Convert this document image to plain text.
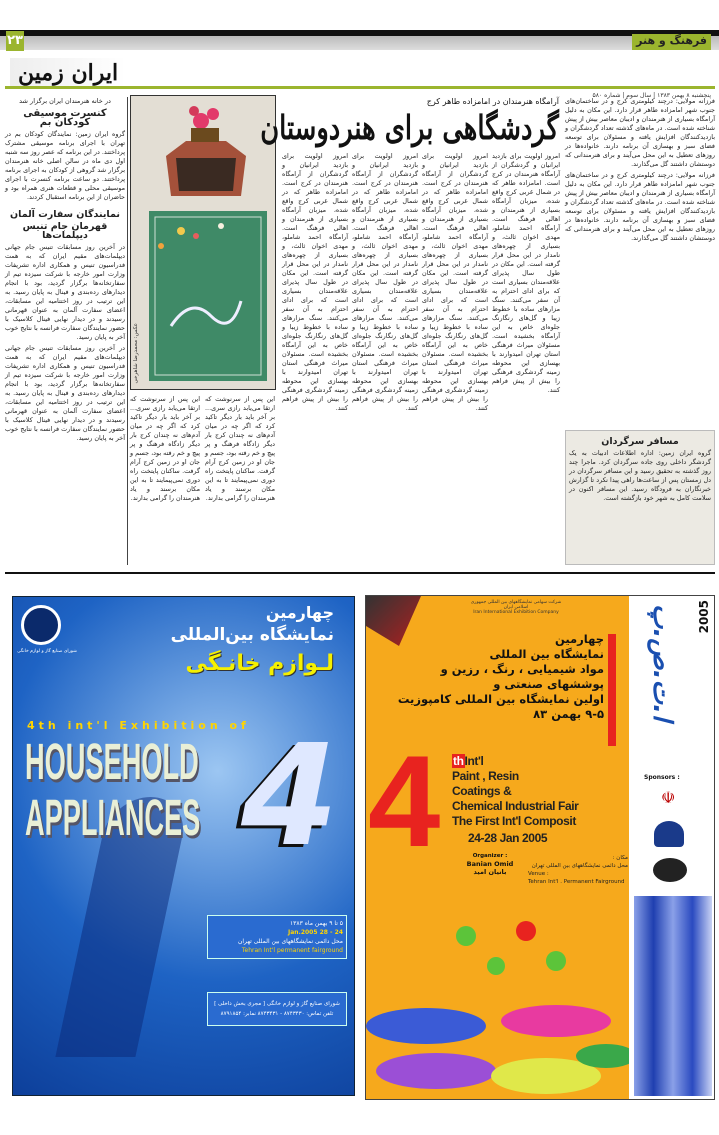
۲۳	فرهنگ و هنر
ایران زمین
پنجشنبه ۸ بهمن ۱۳۸۳ | سال سوم | شماره ۵۸۰
در خانه هنرمندان ایران برگزار شد
کنسرت موسیقی کودکان بم

گروه ایران زمین: نمایندگان کودکان بم در تهران با اجرای برنامه موسیقی مشترک پرداختند. در این برنامه که عصر روز سه شنبه اول دی ماه در سالن اصلی خانه هنرمندان برگزار شد گروهی از کودکان به اجرای برنامه پرداختند. دو ساعت برنامه کنسرت با اجرای موسیقی محلی و قطعات هنری همراه بود و حاضران از این برنامه استقبال کردند.

نمایندگان سفارت آلمان
قهرمان جام تنیس دیپلمات‌ها

در آخرین روز مسابقات تنیس جام جهانی دیپلمات‌های مقیم ایران که به همت فدراسیون تنیس و همکاری اداره تشریفات وزارت امور خارجه با شرکت سیزده تیم از سفارتخانه‌ها برگزار گردید، بود با انجام دیدارهای رده‌بندی و فینال به پایان رسید. به این ترتیب در روز اختتامیه این مسابقات، اعضای سفارت آلمان به عنوان قهرمانی رسیدند و در دیدار نهایی فینال کلاسیک با حضور نمایندگان سفارت فرانسه با نتایج خوب آخر به پایان رسید.

در آخرین روز مسابقات تنیس جام جهانی دیپلمات‌های مقیم ایران که به همت فدراسیون تنیس و همکاری اداره تشریفات وزارت امور خارجه با شرکت سیزده تیم از سفارتخانه‌ها برگزار گردید، بود با انجام دیدارهای رده‌بندی و فینال به پایان رسید. به این ترتیب در روز اختتامیه این مسابقات، اعضای سفارت آلمان به عنوان قهرمانی رسیدند و در دیدار نهایی فینال کلاسیک با حضور نمایندگان سفارت فرانسه با نتایج خوب آخر به پایان رسید.

عکس: محمدرضا شاهرخی

این پس از سرنوشت که ارتقا می‌یابد رازی سری... بر آخر باید بار دیگر تاکید کرد که اگر چه در میان آدم‌های نه چندان کرج بار دیگر زادگاه فرهنگ و پر پیچ و خم رفته بود، جسم و جان او در زمین کرج آرام گرفت. ساکنان پایتخت راه دوری نمی‌پیمایند تا به این مکان برسند و یاد هنرمندان را گرامی بدارند.

این پس از سرنوشت که ارتقا می‌یابد رازی سری... بر آخر باید بار دیگر تاکید کرد که اگر چه در میان آدم‌های نه چندان کرج بار دیگر زادگاه فرهنگ و پر پیچ و خم رفته بود، جسم و جان او در زمین کرج آرام گرفت. ساکنان پایتخت راه دوری نمی‌پیمایند تا به این مکان برسند و یاد هنرمندان را گرامی بدارند.

آرامگاه هنرمندان در امامزاده طاهر کرج
گردشگاهی برای هنردوستان

امروز اولویت برای بازدید ایرانیان و گردشگران از آرامگاه هنرمندان در کرج است. امامزاده طاهر که در شمال غربی کرج واقع شده، میزبان آرامگاه بسیاری از هنرمندان و اهالی فرهنگ است. آرامگاه احمد شاملو، مهدی اخوان ثالث، و بسیاری از چهره‌های نامدار در این محل قرار گرفته است. این مکان در طول سال پذیرای علاقه‌مندان بسیاری است که برای ادای احترام به آن سفر می‌کنند. سنگ مزارهای ساده با خطوط زیبا و گل‌های رنگارنگ جلوه‌ای خاص به این آرامگاه بخشیده است. مسئولان میراث فرهنگی استان تهران امیدوارند با بهسازی این محوطه زمینه گردشگری فرهنگی را بیش از پیش فراهم کنند.

امروز اولویت برای بازدید ایرانیان و گردشگران از آرامگاه هنرمندان در کرج است. امامزاده طاهر که در شمال غربی کرج واقع شده، میزبان آرامگاه بسیاری از هنرمندان و اهالی فرهنگ است. آرامگاه احمد شاملو، مهدی اخوان ثالث، و بسیاری از چهره‌های نامدار در این محل قرار گرفته است. این مکان در طول سال پذیرای علاقه‌مندان بسیاری است که برای ادای احترام به آن سفر می‌کنند. سنگ مزارهای ساده با خطوط زیبا و گل‌های رنگارنگ جلوه‌ای خاص به این آرامگاه بخشیده است. مسئولان میراث فرهنگی استان تهران امیدوارند با بهسازی این محوطه زمینه گردشگری فرهنگی را بیش از پیش فراهم کنند.

امروز اولویت برای بازدید ایرانیان و گردشگران از آرامگاه هنرمندان در کرج است. امامزاده طاهر که در شمال غربی کرج واقع شده، میزبان آرامگاه بسیاری از هنرمندان و اهالی فرهنگ است. آرامگاه احمد شاملو، مهدی اخوان ثالث، و بسیاری از چهره‌های نامدار در این محل قرار گرفته است. این مکان در طول سال پذیرای علاقه‌مندان بسیاری است که برای ادای احترام به آن سفر می‌کنند. سنگ مزارهای ساده با خطوط زیبا و گل‌های رنگارنگ جلوه‌ای خاص به این آرامگاه بخشیده است. مسئولان میراث فرهنگی استان تهران امیدوارند با بهسازی این محوطه زمینه گردشگری فرهنگی را بیش از پیش فراهم کنند.

امروز اولویت برای بازدید ایرانیان و گردشگران از آرامگاه هنرمندان در کرج است. امامزاده طاهر که در شمال غربی کرج واقع شده، میزبان آرامگاه بسیاری از هنرمندان و اهالی فرهنگ است. آرامگاه احمد شاملو، مهدی اخوان ثالث، و بسیاری از چهره‌های نامدار در این محل قرار گرفته است. این مکان در طول سال پذیرای علاقه‌مندان بسیاری است که برای ادای احترام به آن سفر می‌کنند. سنگ مزارهای ساده با خطوط زیبا و گل‌های رنگارنگ جلوه‌ای خاص به این آرامگاه بخشیده است. مسئولان میراث فرهنگی استان تهران امیدوارند با بهسازی این محوطه زمینه گردشگری فرهنگی را بیش از پیش فراهم کنند.

فرزانه مولایی: درچند کیلومتری کرج و در ساختمان‌های جنوب شهر امامزاده طاهر قرار دارد. این مکان به دلیل آرامگاه بسیاری از هنرمندان و ادیبان معاصر بیش از پیش شناخته شده است. در ماه‌های گذشته تعداد گردشگران و بازدیدکنندگان افزایش یافته و مسئولان برای توسعه فضای سبز و بهسازی آن برنامه دارند. خانواده‌ها در روزهای تعطیل به این محل می‌آیند و برای هنرمندانی که دوستشان داشتند گل می‌گذارند.

فرزانه مولایی: درچند کیلومتری کرج و در ساختمان‌های جنوب شهر امامزاده طاهر قرار دارد. این مکان به دلیل آرامگاه بسیاری از هنرمندان و ادیبان معاصر بیش از پیش شناخته شده است. در ماه‌های گذشته تعداد گردشگران و بازدیدکنندگان افزایش یافته و مسئولان برای توسعه فضای سبز و بهسازی آن برنامه دارند. خانواده‌ها در روزهای تعطیل به این محل می‌آیند و برای هنرمندانی که دوستشان داشتند گل می‌گذارند.

مسافر سرگردان

گروه ایران زمین: اداره اطلاعات ادبیات به یک گردشگر داخلی روی جاده سرگردان کرد. ماجرا چند روز گذشته به تحقیق رسید و این مسافر سرگردان در دل زمستان پس از ساعت‌ها راهی پیدا نکرد تا گزارش خبرنگاران به فرودگاه رسید. این مسافر اکنون در سلامت کامل به شهر خود بازگشته است.

شورای صنایع گاز و لوازم خانگی
چهارمین
نمایشگاه بین‌المللی
لـوازم خانـگی
4th int'l Exhibition of
4
HOUSEHOLD
APPLIANCES
۵ تا ۹ بهمن ماه ۱۳۸۳
24 - 28 Jan.2005
محل دائمی نمایشگاههای بین المللی تهران
Tehran Int'l permanent fairground
شورای صنایع گاز و لوازم خانگی [ مجری بخش داخلی ]
تلفن تماس: ۸۷۴۳۴۳۰ - ۸۷۴۳۴۳۱ نمابر: ۸۷۹۱۸۵۴
شرکت سهامی نمایشگاههای بین المللی جمهوری اسلامی ایران
Iran International Exhibition Company
چهارمین
نمایشگاه بین المللی
مواد شیمیایی ، رنگ ، رزین و
پوششهای صنعتی و
اولین نمایشگاه بین المللی کامپوزیت
۹-۵ بهمن ۸۳
4 thInt'l
Paint , Resin
Coatings &
Chemical Industrial Fair
The First Int'l Composit
24-28 Jan 2005
Organizer :
Banian Omid
بانیان امید
مکان :
محل دائمی نمایشگاههای بین المللی تهران
Venue :
Tehran Int'l . Permanent Fairground
ا.ت.ص.پ 2005
Sponsors :
☫
